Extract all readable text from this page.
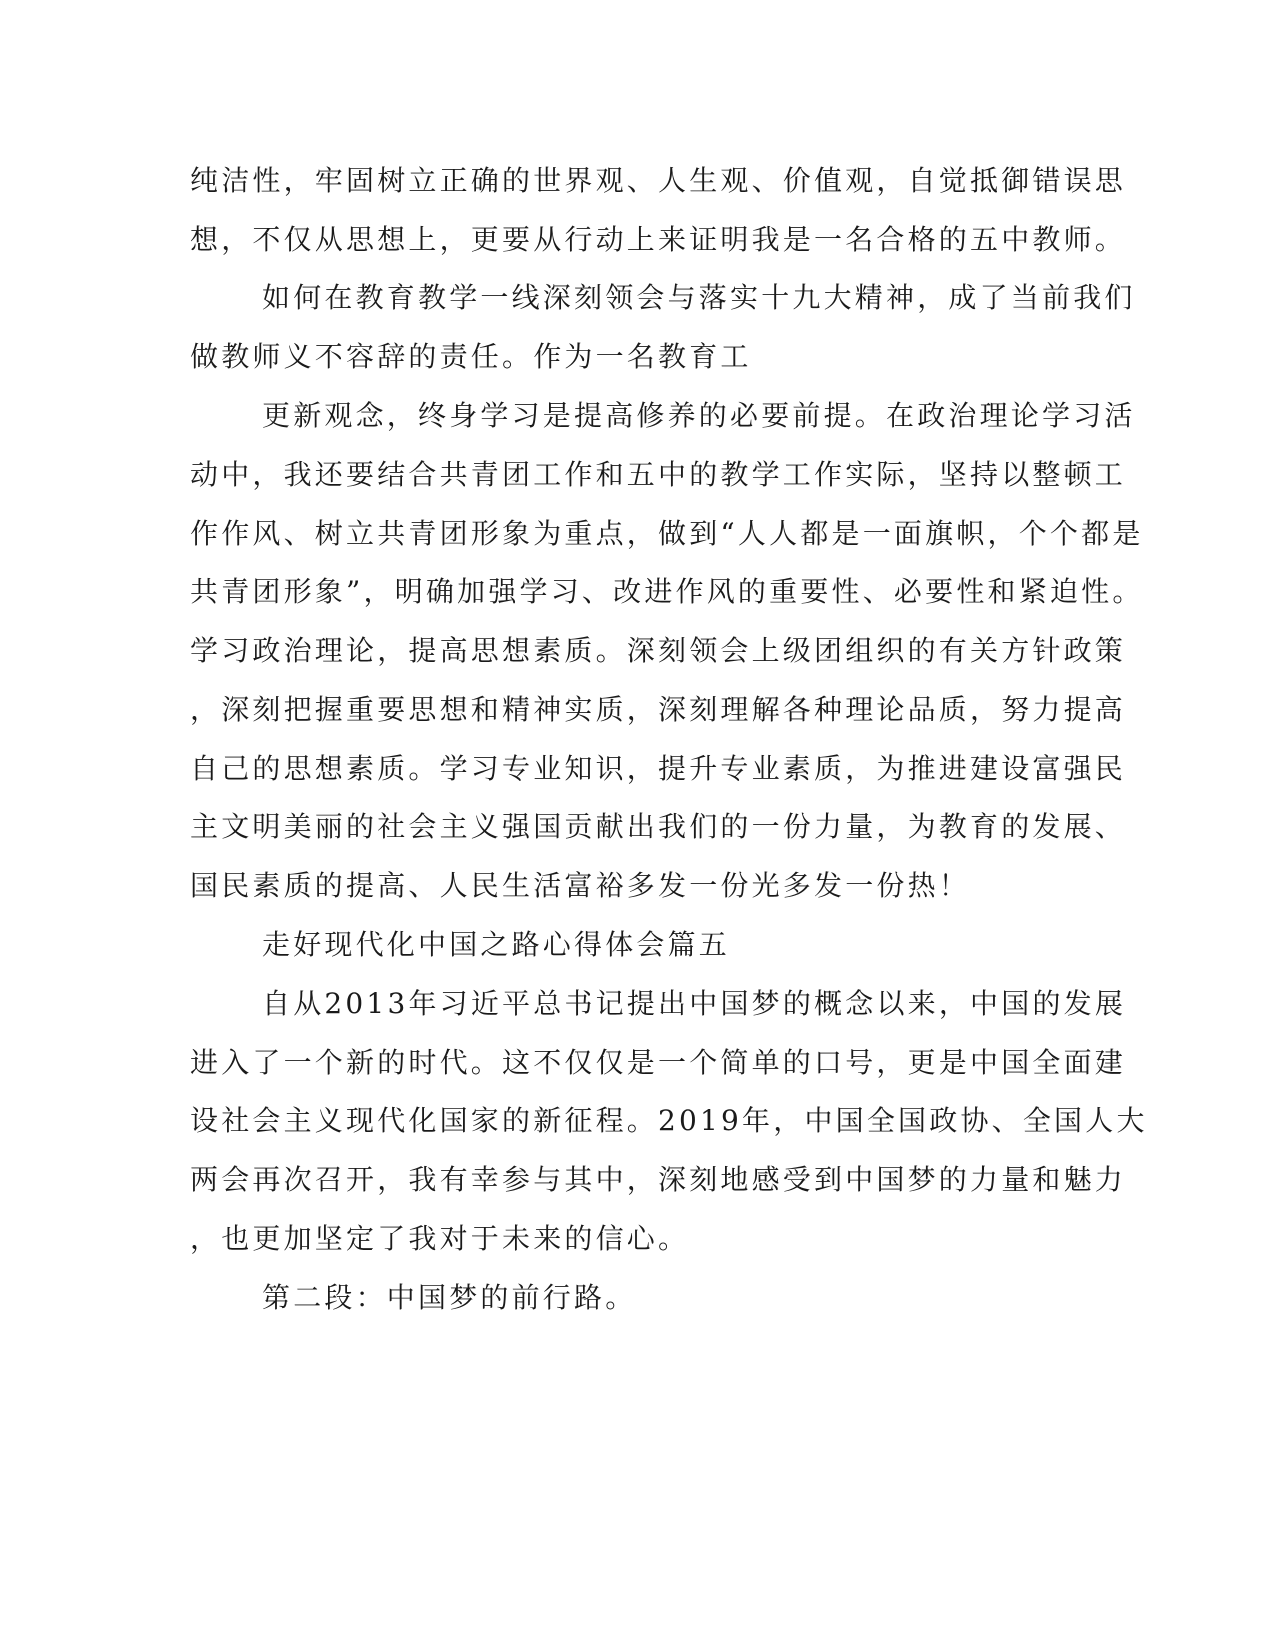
纯洁性，牢固树立正确的世界观、人生观、价值观，自觉抵御错误思
想，不仅从思想上，更要从行动上来证明我是一名合格的五中教师。
如何在教育教学一线深刻领会与落实十九大精神，成了当前我们
做教师义不容辞的责任。作为一名教育工
更新观念，终身学习是提高修养的必要前提。在政治理论学习活
动中，我还要结合共青团工作和五中的教学工作实际，坚持以整顿工
作作风、树立共青团形象为重点，做到“人人都是一面旗帜，个个都是
共青团形象”，明确加强学习、改进作风的重要性、必要性和紧迫性。
学习政治理论，提高思想素质。深刻领会上级团组织的有关方针政策
，深刻把握重要思想和精神实质，深刻理解各种理论品质，努力提高
自己的思想素质。学习专业知识，提升专业素质，为推进建设富强民
主文明美丽的社会主义强国贡献出我们的一份力量，为教育的发展、
国民素质的提高、人民生活富裕多发一份光多发一份热！
走好现代化中国之路心得体会篇五
自从2013年习近平总书记提出中国梦的概念以来，中国的发展
进入了一个新的时代。这不仅仅是一个简单的口号，更是中国全面建
设社会主义现代化国家的新征程。2019年，中国全国政协、全国人大
两会再次召开，我有幸参与其中，深刻地感受到中国梦的力量和魅力
，也更加坚定了我对于未来的信心。
第二段：中国梦的前行路。
